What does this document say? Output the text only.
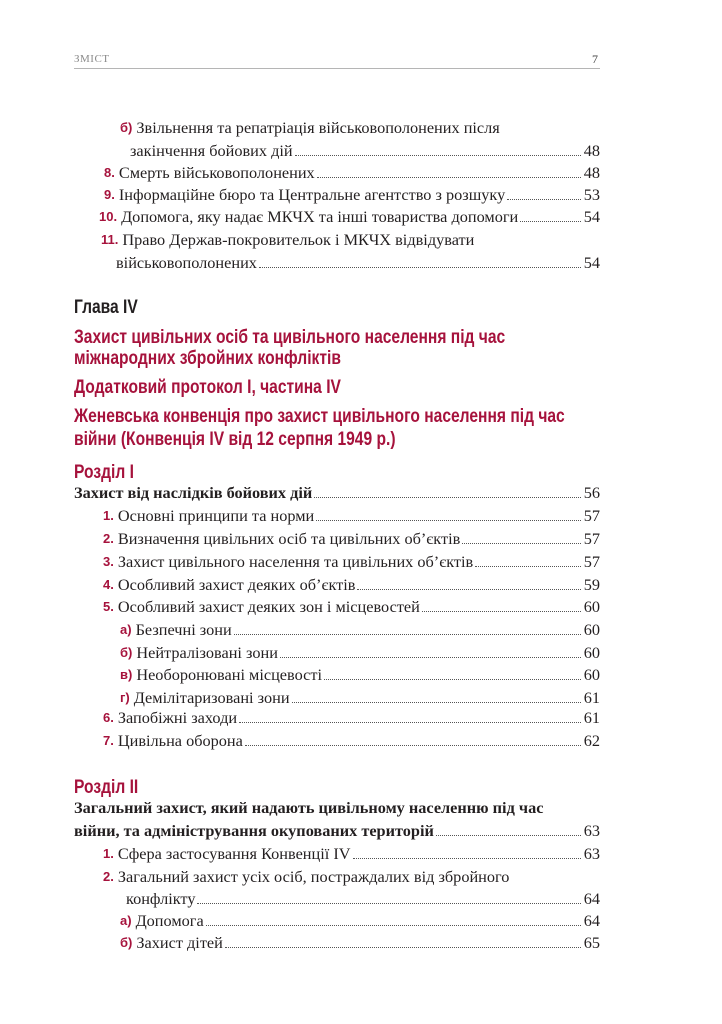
ЗМІСТ	7
б) Звільнення та репатріація військовополонених після
закінчення бойових дій	48
8. Смерть військовополонених	48
9. Інформаційне бюро та Центральне агентство з розшуку	53
10. Допомога, яку надає МКЧХ та інші товариства допомоги	54
11. Право Держав-покровительок і МКЧХ відвідувати
військовополонених	54
Глава IV
Захист цивільних осіб та цивільного населення під час
міжнародних збройних конфліктів
Додатковий протокол I, частина IV
Женевська конвенція про захист цивільного населення під час
війни (Конвенція IV від 12 серпня 1949 р.)
Розділ I
Захист від наслідків бойових дій	56
1. Основні принципи та норми	57
2. Визначення цивільних осіб та цивільних об’єктів	57
3. Захист цивільного населення та цивільних об’єктів	57
4. Особливий захист деяких об’єктів	59
5. Особливий захист деяких зон і місцевостей	60
а) Безпечні зони	60
б) Нейтралізовані зони	60
в) Необоронювані місцевості	60
г) Демілітаризовані зони	61
6. Запобіжні заходи	61
7. Цивільна оборона	62
Розділ II
Загальний захист, який надають цивільному населенню під час
війни, та адміністрування окупованих територій	63
1. Сфера застосування Конвенції IV	63
2. Загальний захист усіх осіб, постраждалих від збройного
конфлікту	64
а) Допомога	64
б) Захист дітей	65
